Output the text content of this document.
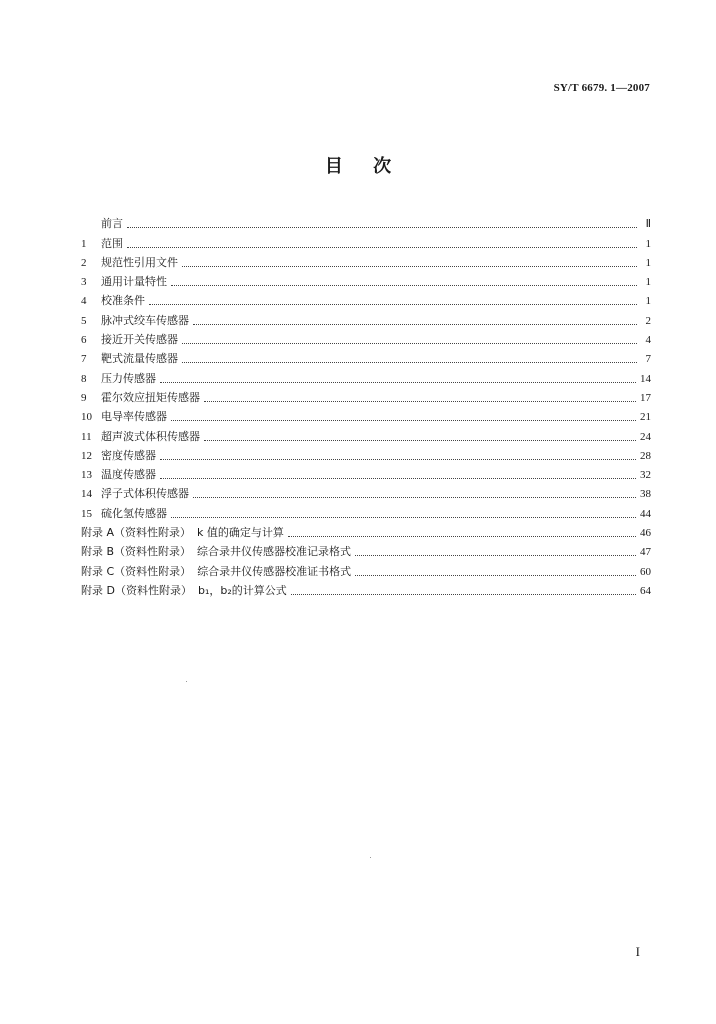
SY/T 6679. 1—2007
目 次
前言	Ⅱ
1	范围	1
2	规范性引用文件	1
3	通用计量特性	1
4	校准条件	1
5	脉冲式绞车传感器	2
6	接近开关传感器	4
7	靶式流量传感器	7
8	压力传感器	14
9	霍尔效应扭矩传感器	17
10 电导率传感器	21
11 超声波式体积传感器	24
12 密度传感器	28
13 温度传感器	32
14 浮子式体积传感器	38
15 硫化氢传感器	44
附录 A（资料性附录） k 值的确定与计算	46
附录 B（资料性附录） 综合录井仪传感器校准记录格式	47
附录 C（资料性附录） 综合录井仪传感器校准证书格式	60
附录 D（资料性附录） b₁，b₂的计算公式	64
I
